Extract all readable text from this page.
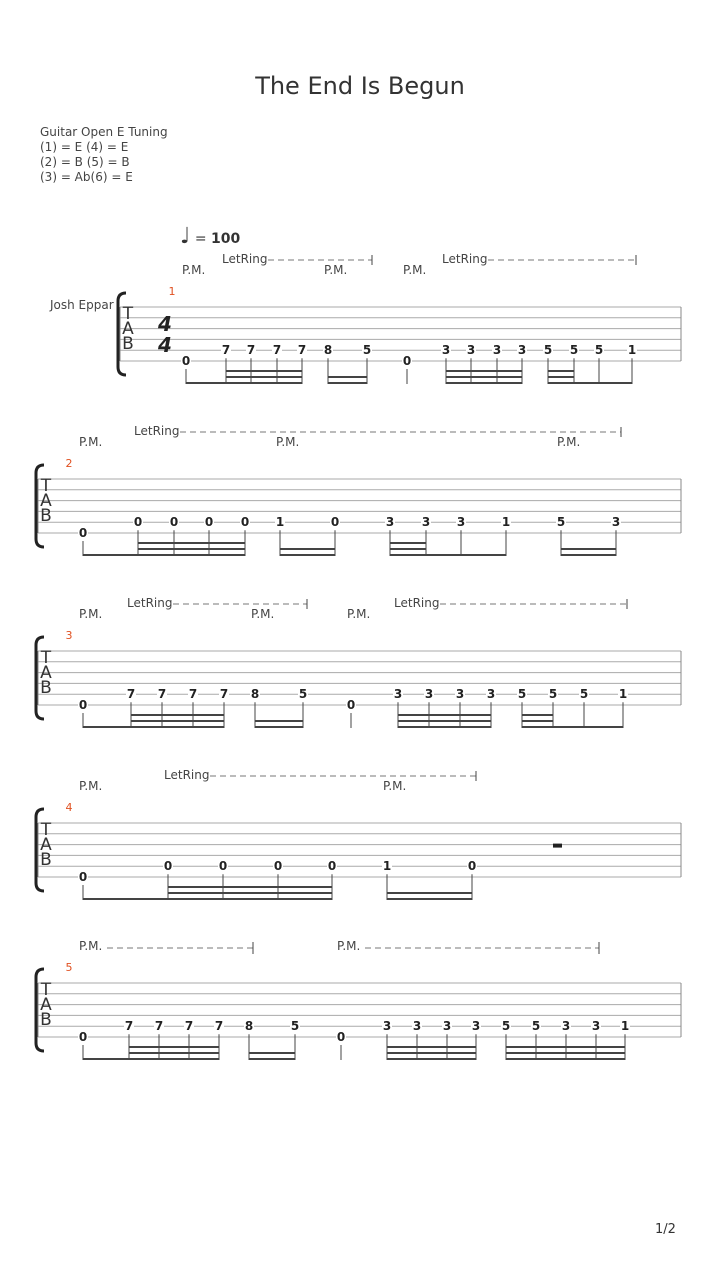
The End Is Begun
Guitar Open E Tuning
(1) = E (4) = E
(2) = B (5) = B
(3) = Ab(6) = E
♩ = 100
Josh Eppar T
A
B
4
4
1
0
7 7 7 7 8	5
0
3 3 3 3 5 5 5 1
P.M.	P.M.	P.M.
LetRing	LetRing
T
A
B
2
0
0 0 0 0 1	0	3 3 3	1	5	3
P.M.	P.M.	P.M.
LetRing
T
A
B
3
0
7 7 7 7 8	5
0
3 3 3 3 5 5 5	1
P.M.	P.M.	P.M.
LetRing	LetRing
T
A
B
4
0
0	0	0	0	1	0
P.M.	P.M.
LetRing
T
A
B
5
0
7 7 7 7 8	5
0
3 3 3 3 5 5 3 3 1
P.M.	P.M.
1/2
